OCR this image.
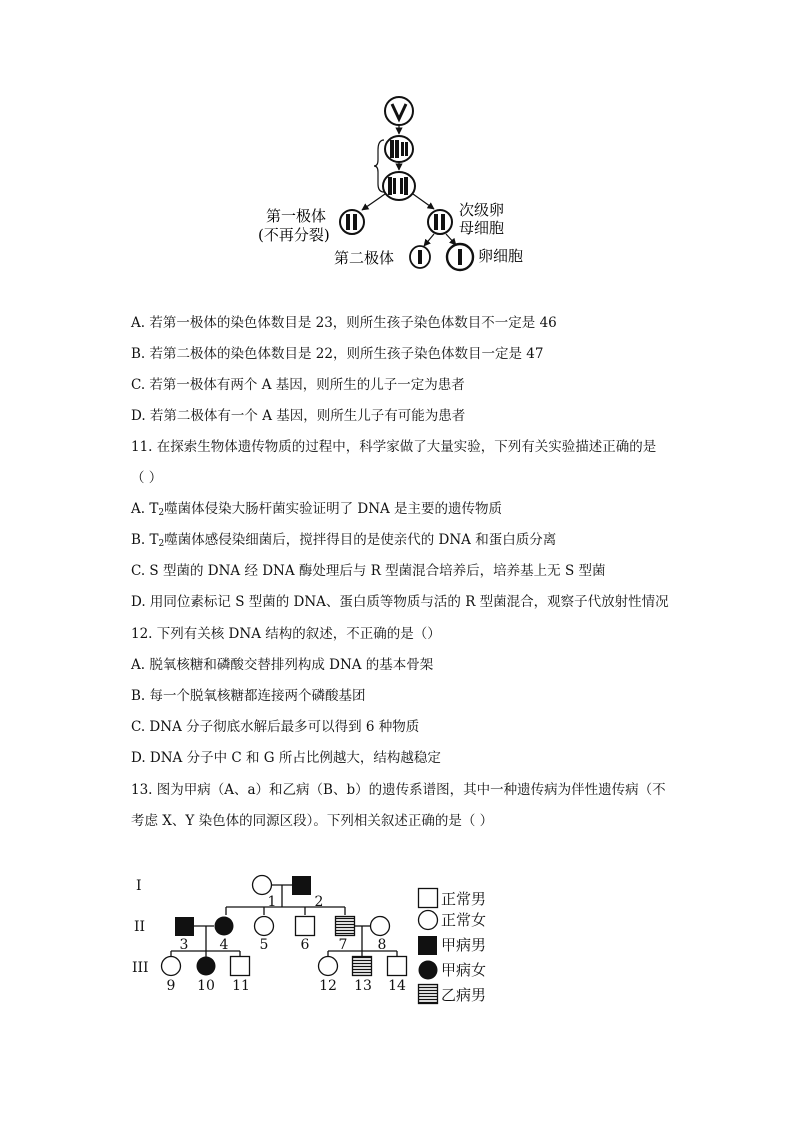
第一极体
(不再分裂)
次级卵
母细胞
第二极体	卵细胞
A. 若第一极体的染色体数目是 23，则所生孩子染色体数目不一定是 46
B. 若第二极体的染色体数目是 22，则所生孩子染色体数目一定是 47
C. 若第一极体有两个 A 基因，则所生的儿子一定为患者
D. 若第二极体有一个 A 基因，则所生儿子有可能为患者
11. 在探索生物体遗传物质的过程中，科学家做了大量实验，下列有关实验描述正确的是
（ ）
A. $T_2$噬菌体侵染大肠杆菌实验证明了 DNA 是主要的遗传物质
B. $T_2$噬菌体感侵染细菌后，搅拌得目的是使亲代的 DNA 和蛋白质分离
C. S 型菌的 DNA 经 DNA 酶处理后与 R 型菌混合培养后，培养基上无 S 型菌
D. 用同位素标记 S 型菌的 DNA、蛋白质等物质与活的 R 型菌混合，观察子代放射性情况
12. 下列有关核 DNA 结构的叙述，不正确的是（）
A. 脱氧核糖和磷酸交替排列构成 DNA 的基本骨架
B. 每一个脱氧核糖都连接两个磷酸基团
C. DNA 分子彻底水解后最多可以得到 6 种物质
D. DNA 分子中 C 和 G 所占比例越大，结构越稳定
13. 图为甲病（A、a）和乙病（B、b）的遗传系谱图，其中一种遗传病为伴性遗传病（不
考虑 X、Y 染色体的同源区段）。下列相关叙述正确的是（ ）
I
II
III
1	2
3 4 5 6 7 8
9 10 11	12 13 14
正常男
正常女
甲病男
甲病女
乙病男
